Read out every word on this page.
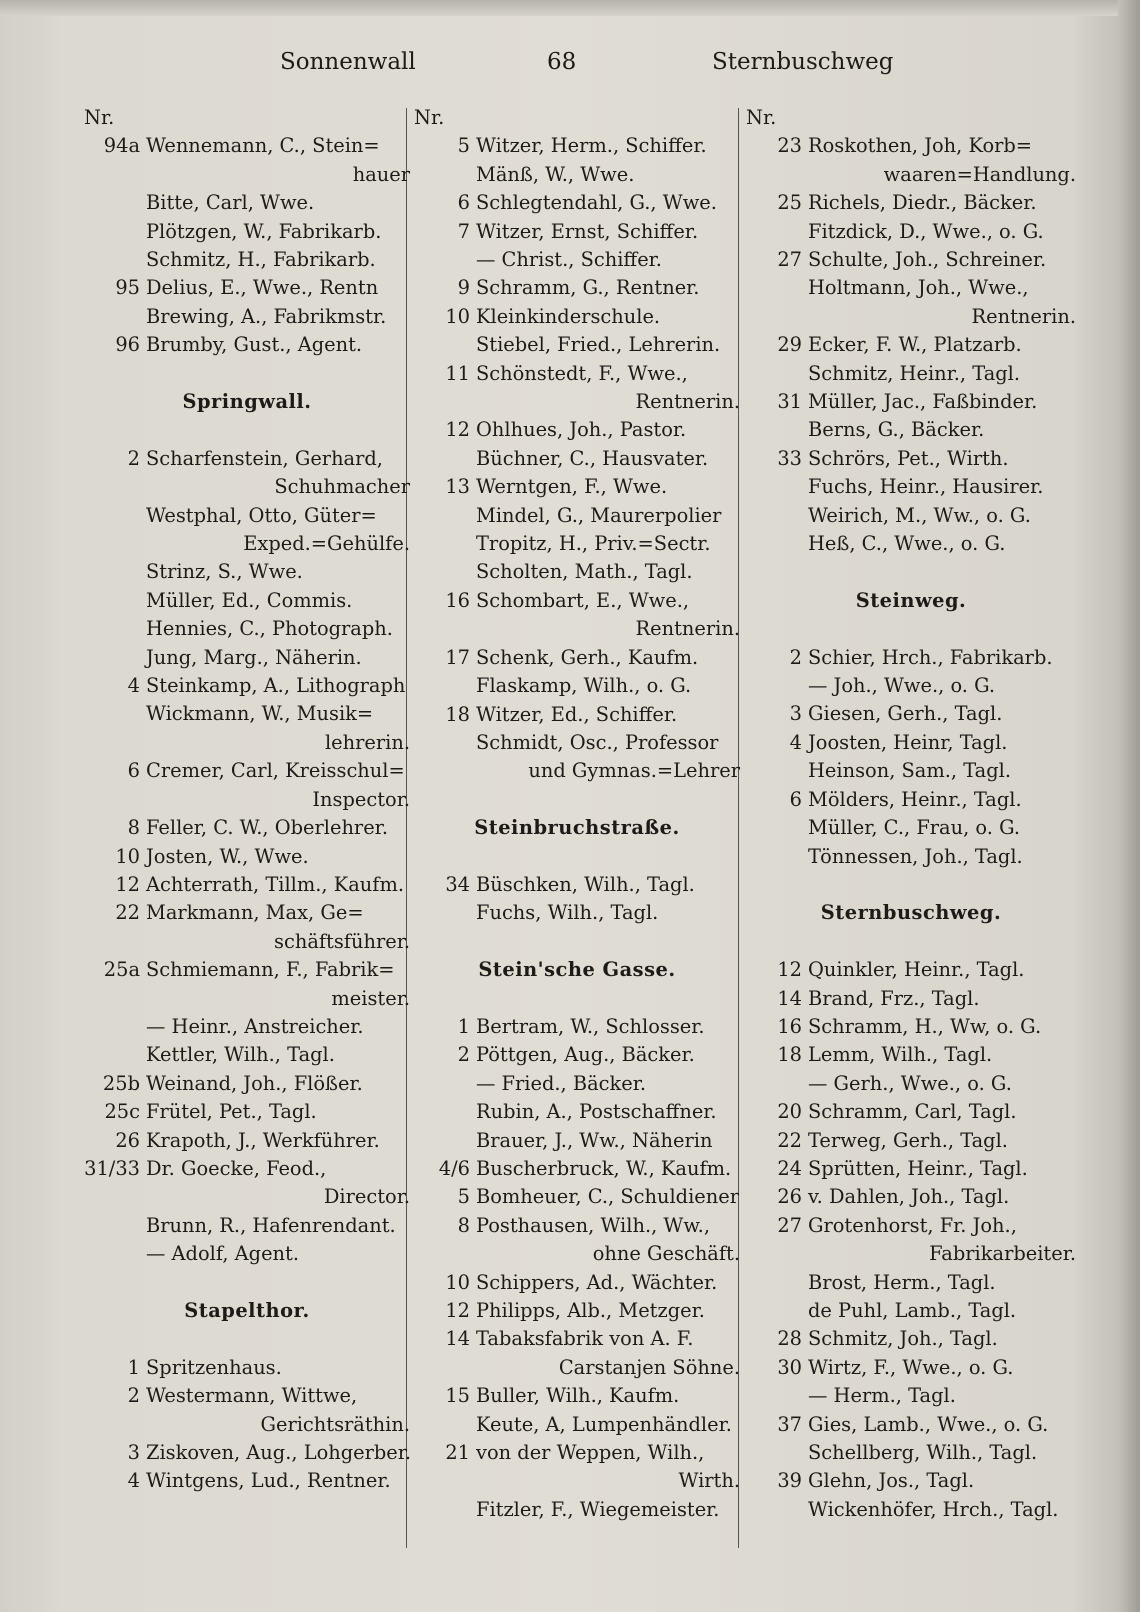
Sonnenwall	68	Sternbuschweg
Nr.
94a Wennemann, C., Stein=
hauer
Bitte, Carl, Wwe.
Plötzgen, W., Fabrikarb.
Schmitz, H., Fabrikarb.
95 Delius, E., Wwe., Rentn
Brewing, A., Fabrikmstr.
96 Brumby, Gust., Agent.
Springwall.
2 Scharfenstein, Gerhard,
Schuhmacher
Westphal, Otto, Güter=
Exped.=Gehülfe.
Strinz, S., Wwe.
Müller, Ed., Commis.
Hennies, C., Photograph.
Jung, Marg., Näherin.
4 Steinkamp, A., Lithograph
Wickmann, W., Musik=
lehrerin.
6 Cremer, Carl, Kreisschul=
Inspector.
8 Feller, C. W., Oberlehrer.
10 Josten, W., Wwe.
12 Achterrath, Tillm., Kaufm.
22 Markmann, Max, Ge=
schäftsführer.
25a Schmiemann, F., Fabrik=
meister.
— Heinr., Anstreicher.
Kettler, Wilh., Tagl.
25b Weinand, Joh., Flößer.
25c Frütel, Pet., Tagl.
26 Krapoth, J., Werkführer.
31/33 Dr. Goecke, Feod.,
Director.
Brunn, R., Hafenrendant.
— Adolf, Agent.
Stapelthor.
1 Spritzenhaus.
2 Westermann, Wittwe,
Gerichtsräthin.
3 Ziskoven, Aug., Lohgerber.
4 Wintgens, Lud., Rentner.
Nr.
5 Witzer, Herm., Schiffer.
Mänß, W., Wwe.
6 Schlegtendahl, G., Wwe.
7 Witzer, Ernst, Schiffer.
— Christ., Schiffer.
9 Schramm, G., Rentner.
10 Kleinkinderschule.
Stiebel, Fried., Lehrerin.
11 Schönstedt, F., Wwe.,
Rentnerin.
12 Ohlhues, Joh., Pastor.
Büchner, C., Hausvater.
13 Werntgen, F., Wwe.
Mindel, G., Maurerpolier
Tropitz, H., Priv.=Sectr.
Scholten, Math., Tagl.
16 Schombart, E., Wwe.,
Rentnerin.
17 Schenk, Gerh., Kaufm.
Flaskamp, Wilh., o. G.
18 Witzer, Ed., Schiffer.
Schmidt, Osc., Professor
und Gymnas.=Lehrer
Steinbruchstraße.
34 Büschken, Wilh., Tagl.
Fuchs, Wilh., Tagl.
Stein'sche Gasse.
1 Bertram, W., Schlosser.
2 Pöttgen, Aug., Bäcker.
— Fried., Bäcker.
Rubin, A., Postschaffner.
Brauer, J., Ww., Näherin
4/6 Buscherbruck, W., Kaufm.
5 Bomheuer, C., Schuldiener
8 Posthausen, Wilh., Ww.,
ohne Geschäft.
10 Schippers, Ad., Wächter.
12 Philipps, Alb., Metzger.
14 Tabaksfabrik von A. F.
Carstanjen Söhne.
15 Buller, Wilh., Kaufm.
Keute, A, Lumpenhändler.
21 von der Weppen, Wilh.,
Wirth.
Fitzler, F., Wiegemeister.
Nr.
23 Roskothen, Joh, Korb=
waaren=Handlung.
25 Richels, Diedr., Bäcker.
Fitzdick, D., Wwe., o. G.
27 Schulte, Joh., Schreiner.
Holtmann, Joh., Wwe.,
Rentnerin.
29 Ecker, F. W., Platzarb.
Schmitz, Heinr., Tagl.
31 Müller, Jac., Faßbinder.
Berns, G., Bäcker.
33 Schrörs, Pet., Wirth.
Fuchs, Heinr., Hausirer.
Weirich, M., Ww., o. G.
Heß, C., Wwe., o. G.
Steinweg.
2 Schier, Hrch., Fabrikarb.
— Joh., Wwe., o. G.
3 Giesen, Gerh., Tagl.
4 Joosten, Heinr, Tagl.
Heinson, Sam., Tagl.
6 Mölders, Heinr., Tagl.
Müller, C., Frau, o. G.
Tönnessen, Joh., Tagl.
Sternbuschweg.
12 Quinkler, Heinr., Tagl.
14 Brand, Frz., Tagl.
16 Schramm, H., Ww, o. G.
18 Lemm, Wilh., Tagl.
— Gerh., Wwe., o. G.
20 Schramm, Carl, Tagl.
22 Terweg, Gerh., Tagl.
24 Sprütten, Heinr., Tagl.
26 v. Dahlen, Joh., Tagl.
27 Grotenhorst, Fr. Joh.,
Fabrikarbeiter.
Brost, Herm., Tagl.
de Puhl, Lamb., Tagl.
28 Schmitz, Joh., Tagl.
30 Wirtz, F., Wwe., o. G.
— Herm., Tagl.
37 Gies, Lamb., Wwe., o. G.
Schellberg, Wilh., Tagl.
39 Glehn, Jos., Tagl.
Wickenhöfer, Hrch., Tagl.
